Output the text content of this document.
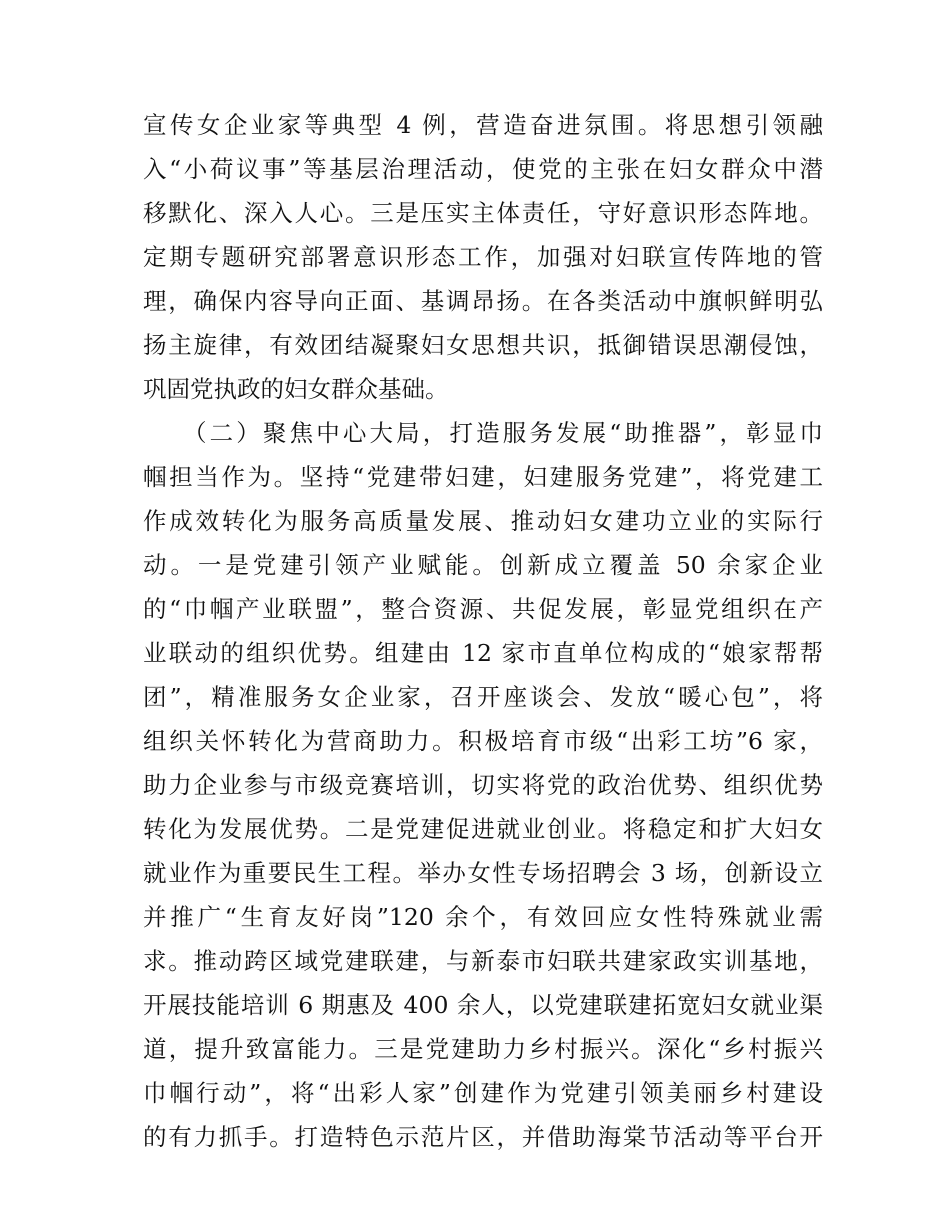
宣传女企业家等典型 4 例，营造奋进氛围。将思想引领融
入“小荷议事”等基层治理活动，使党的主张在妇女群众中潜
移默化、深入人心。三是压实主体责任，守好意识形态阵地。
定期专题研究部署意识形态工作，加强对妇联宣传阵地的管
理，确保内容导向正面、基调昂扬。在各类活动中旗帜鲜明弘
扬主旋律，有效团结凝聚妇女思想共识，抵御错误思潮侵蚀，
巩固党执政的妇女群众基础。
（二）聚焦中心大局，打造服务发展“助推器”，彰显巾
帼担当作为。坚持“党建带妇建，妇建服务党建”，将党建工
作成效转化为服务高质量发展、推动妇女建功立业的实际行
动。一是党建引领产业赋能。创新成立覆盖 50 余家企业
的“巾帼产业联盟”，整合资源、共促发展，彰显党组织在产
业联动的组织优势。组建由 12 家市直单位构成的“娘家帮帮
团”，精准服务女企业家，召开座谈会、发放“暖心包”，将
组织关怀转化为营商助力。积极培育市级“出彩工坊”6 家，
助力企业参与市级竞赛培训，切实将党的政治优势、组织优势
转化为发展优势。二是党建促进就业创业。将稳定和扩大妇女
就业作为重要民生工程。举办女性专场招聘会 3 场，创新设立
并推广“生育友好岗”120 余个，有效回应女性特殊就业需
求。推动跨区域党建联建，与新泰市妇联共建家政实训基地，
开展技能培训 6 期惠及 400 余人，以党建联建拓宽妇女就业渠
道，提升致富能力。三是党建助力乡村振兴。深化“乡村振兴
巾帼行动”，将“出彩人家”创建作为党建引领美丽乡村建设
的有力抓手。打造特色示范片区，并借助海棠节活动等平台开
